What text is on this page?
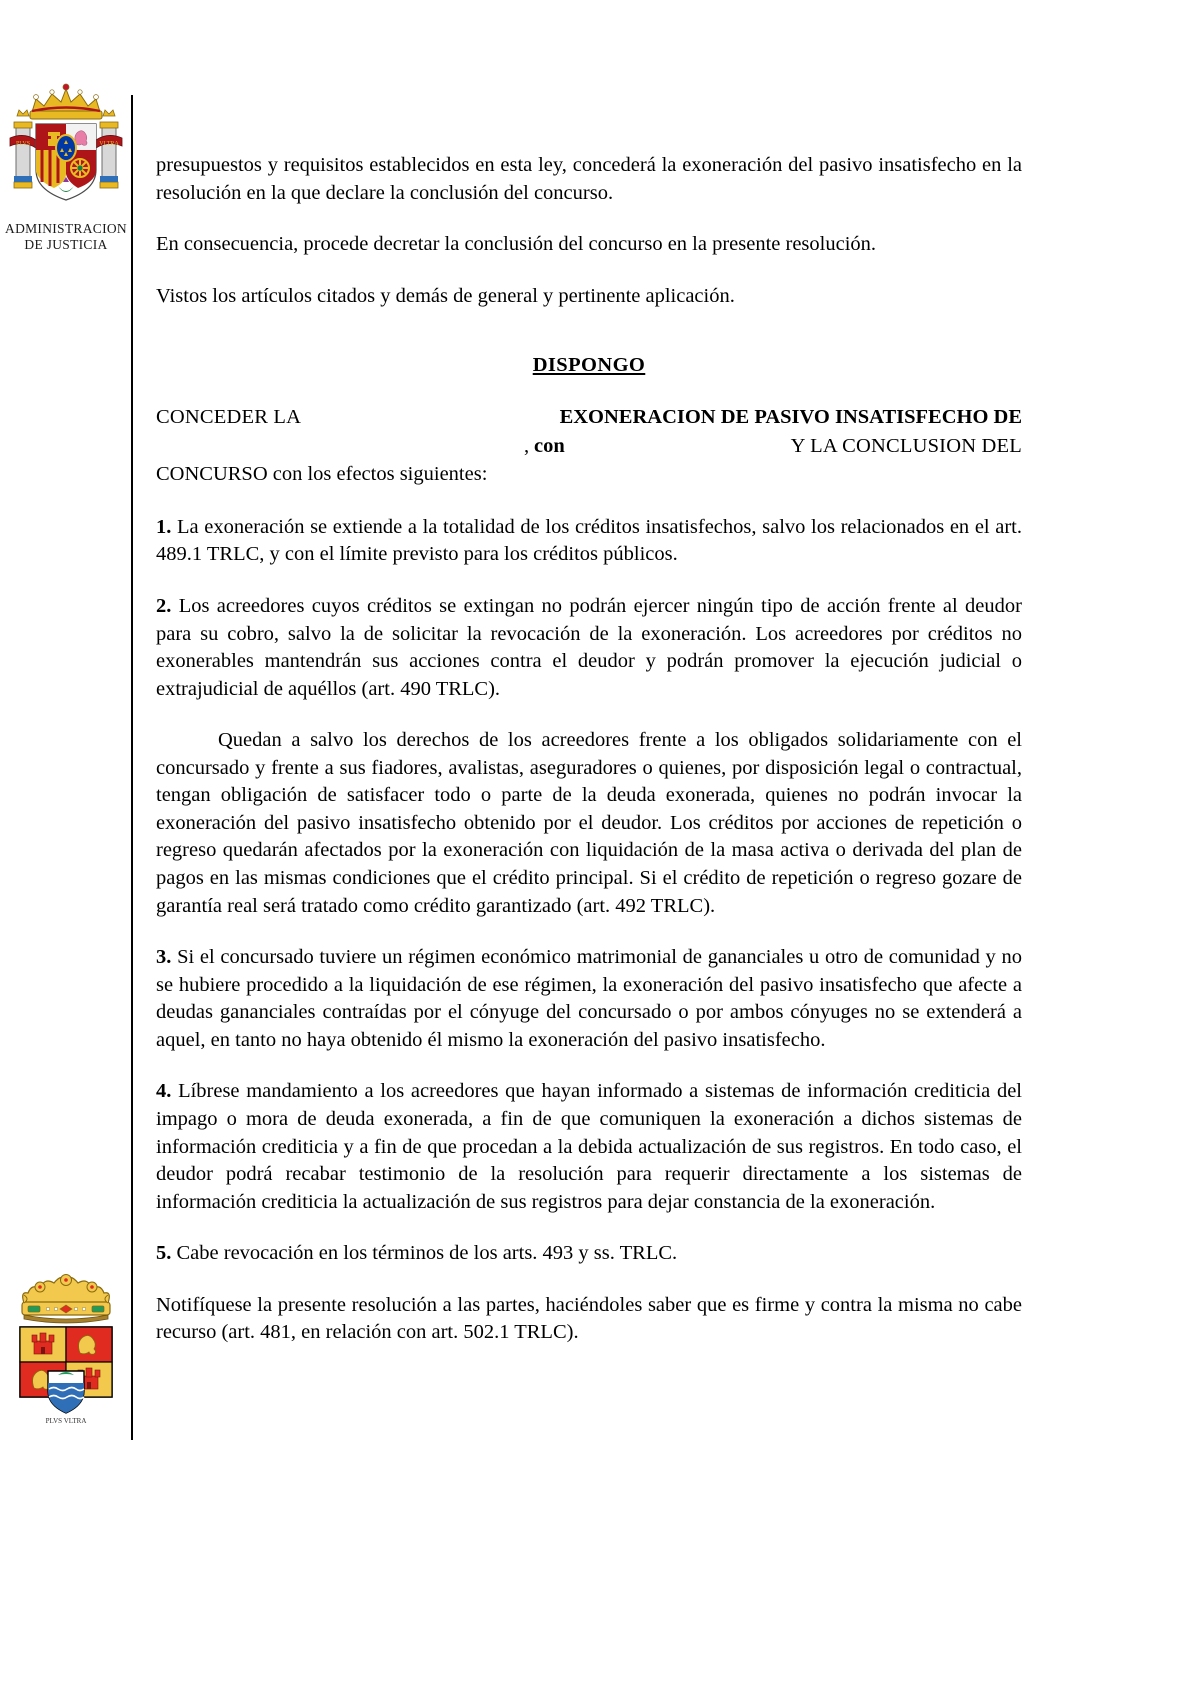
PLVS	VLTRA
ADMINISTRACION
DE JUSTICIA
PLVS VLTRA

presupuestos y requisitos establecidos en esta ley, concederá la exoneración del pasivo insatisfecho en la resolución en la que declare la conclusión del concurso.

En consecuencia, procede decretar la conclusión del concurso en la presente resolución.

Vistos los artículos citados y demás de general y pertinente aplicación.

DISPONGO
CONCEDER LA	EXONERACION DE PASIVO INSATISFECHO DE
, con	Y LA CONCLUSION DEL
CONCURSO con los efectos siguientes:

1. La exoneración se extiende a la totalidad de los créditos insatisfechos, salvo los relacionados en el art. 489.1 TRLC, y con el límite previsto para los créditos públicos.

2. Los acreedores cuyos créditos se extingan no podrán ejercer ningún tipo de acción frente al deudor para su cobro, salvo la de solicitar la revocación de la exoneración. Los acreedores por créditos no exonerables mantendrán sus acciones contra el deudor y podrán promover la ejecución judicial o extrajudicial de aquéllos (art. 490 TRLC).

Quedan a salvo los derechos de los acreedores frente a los obligados solidariamente con el concursado y frente a sus fiadores, avalistas, aseguradores o quienes, por disposición legal o contractual, tengan obligación de satisfacer todo o parte de la deuda exonerada, quienes no podrán invocar la exoneración del pasivo insatisfecho obtenido por el deudor. Los créditos por acciones de repetición o regreso quedarán afectados por la exoneración con liquidación de la masa activa o derivada del plan de pagos en las mismas condiciones que el crédito principal. Si el crédito de repetición o regreso gozare de garantía real será tratado como crédito garantizado (art. 492 TRLC).

3. Si el concursado tuviere un régimen económico matrimonial de gananciales u otro de comunidad y no se hubiere procedido a la liquidación de ese régimen, la exoneración del pasivo insatisfecho que afecte a deudas gananciales contraídas por el cónyuge del concursado o por ambos cónyuges no se extenderá a aquel, en tanto no haya obtenido él mismo la exoneración del pasivo insatisfecho.

4. Líbrese mandamiento a los acreedores que hayan informado a sistemas de información crediticia del impago o mora de deuda exonerada, a fin de que comuniquen la exoneración a dichos sistemas de información crediticia y a fin de que procedan a la debida actualización de sus registros. En todo caso, el deudor podrá recabar testimonio de la resolución para requerir directamente a los sistemas de información crediticia la actualización de sus registros para dejar constancia de la exoneración.

5. Cabe revocación en los términos de los arts. 493 y ss. TRLC.

Notifíquese la presente resolución a las partes, haciéndoles saber que es firme y contra la misma no cabe recurso (art. 481, en relación con art. 502.1 TRLC).
